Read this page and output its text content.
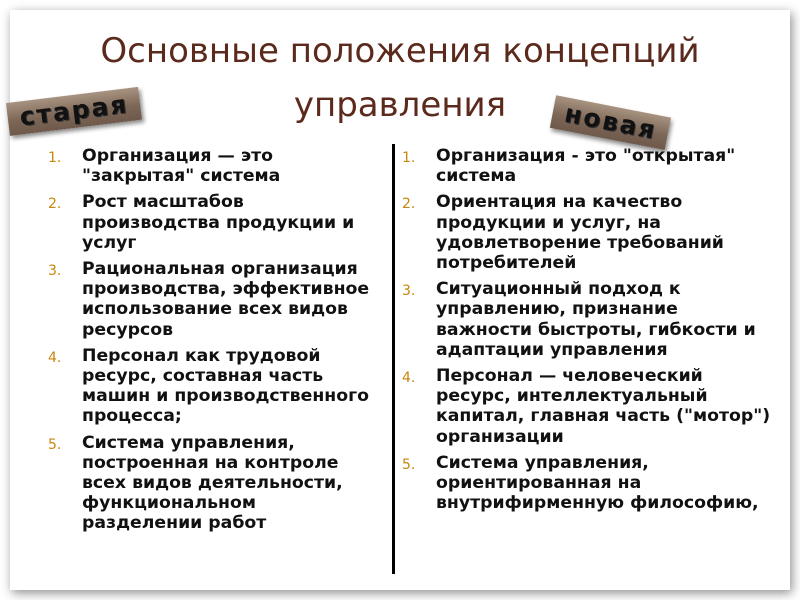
Основные положения концепций
управления
старая	новая
1. Организация — это "закрытая" система
2. Рост масштабов производства продукции и услуг
3. Рациональная организация производства, эффективное использование всех видов ресурсов
4. Персонал как трудовой ресурс, составная часть машин и производственного процесса;
5. Система управления, построенная на контроле всех видов деятельности, функциональном разделении работ
1. Организация - это "открытая" система
2. Ориентация на качество продукции и услуг, на удовлетворение требований потребителей
3. Ситуационный подход к управлению, признание важности быстроты, гибкости и адаптации управления
4. Персонал — человеческий ресурс, интеллектуальный капитал, главная часть ("мотор") организации
5. Система управления, ориентированная на внутрифирменную философию,
